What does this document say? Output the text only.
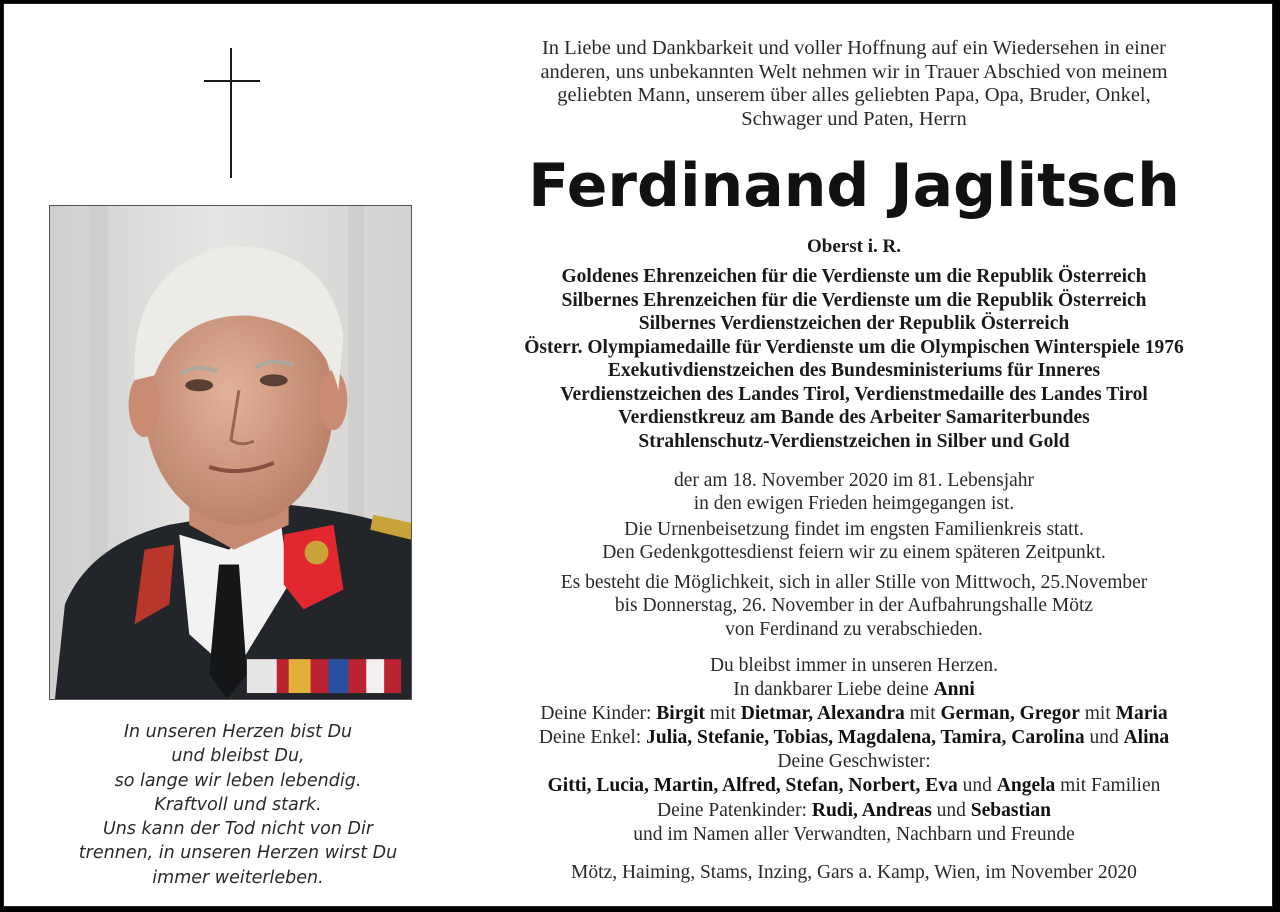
In unseren Herzen bist Du
und bleibst Du,
so lange wir leben lebendig.
Kraftvoll und stark.
Uns kann der Tod nicht von Dir
trennen, in unseren Herzen wirst Du
immer weiterleben.
In Liebe und Dankbarkeit und voller Hoffnung auf ein Wiedersehen in einer
anderen, uns unbekannten Welt nehmen wir in Trauer Abschied von meinem
geliebten Mann, unserem über alles geliebten Papa, Opa, Bruder, Onkel,
Schwager und Paten, Herrn
Ferdinand Jaglitsch
Oberst i. R.
Goldenes Ehrenzeichen für die Verdienste um die Republik Österreich
Silbernes Ehrenzeichen für die Verdienste um die Republik Österreich
Silbernes Verdienstzeichen der Republik Österreich
Österr. Olympiamedaille für Verdienste um die Olympischen Winterspiele 1976
Exekutivdienstzeichen des Bundesministeriums für Inneres
Verdienstzeichen des Landes Tirol, Verdienstmedaille des Landes Tirol
Verdienstkreuz am Bande des Arbeiter Samariterbundes
Strahlenschutz-Verdienstzeichen in Silber und Gold
der am 18. November 2020 im 81. Lebensjahr
in den ewigen Frieden heimgegangen ist.
Die Urnenbeisetzung findet im engsten Familienkreis statt.
Den Gedenkgottesdienst feiern wir zu einem späteren Zeitpunkt.
Es besteht die Möglichkeit, sich in aller Stille von Mittwoch, 25.November
bis Donnerstag, 26. November in der Aufbahrungshalle Mötz
von Ferdinand zu verabschieden.
Du bleibst immer in unseren Herzen.
In dankbarer Liebe deine Anni
Deine Kinder: Birgit mit Dietmar, Alexandra mit German, Gregor mit Maria
Deine Enkel: Julia, Stefanie, Tobias, Magdalena, Tamira, Carolina und Alina
Deine Geschwister:
Gitti, Lucia, Martin, Alfred, Stefan, Norbert, Eva und Angela mit Familien
Deine Patenkinder: Rudi, Andreas und Sebastian
und im Namen aller Verwandten, Nachbarn und Freunde
Mötz, Haiming, Stams, Inzing, Gars a. Kamp, Wien, im November 2020
